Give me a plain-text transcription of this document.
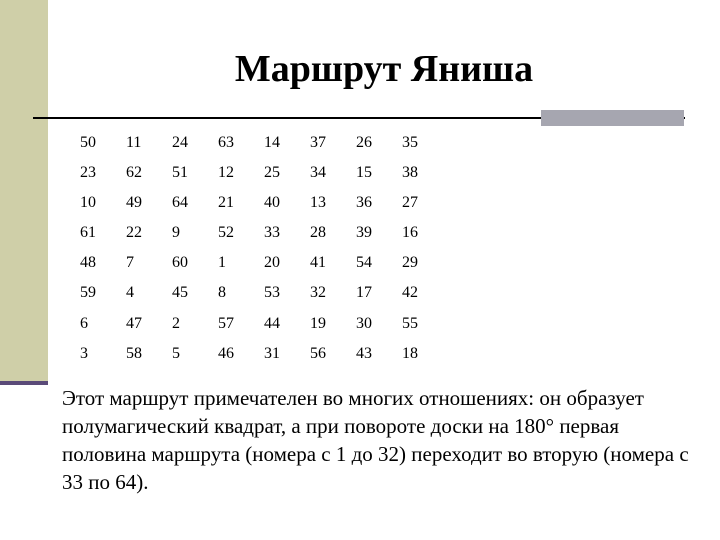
Маршрут Яниша
50	11	24	63	14	37	26	35
23	62	51	12	25	34	15	38
10	49	64	21	40	13	36	27
61	22	9	52	33	28	39	16
48	7	60	1	20	41	54	29
59	4	45	8	53	32	17	42
6	47	2	57	44	19	30	55
3	58	5	46	31	56	43	18
Этот маршрут примечателен во многих отношениях: он образует полумагический квадрат, а при повороте доски на 180° первая половина маршрута (номера с 1 до 32) переходит во вторую (номера с 33 по 64).
